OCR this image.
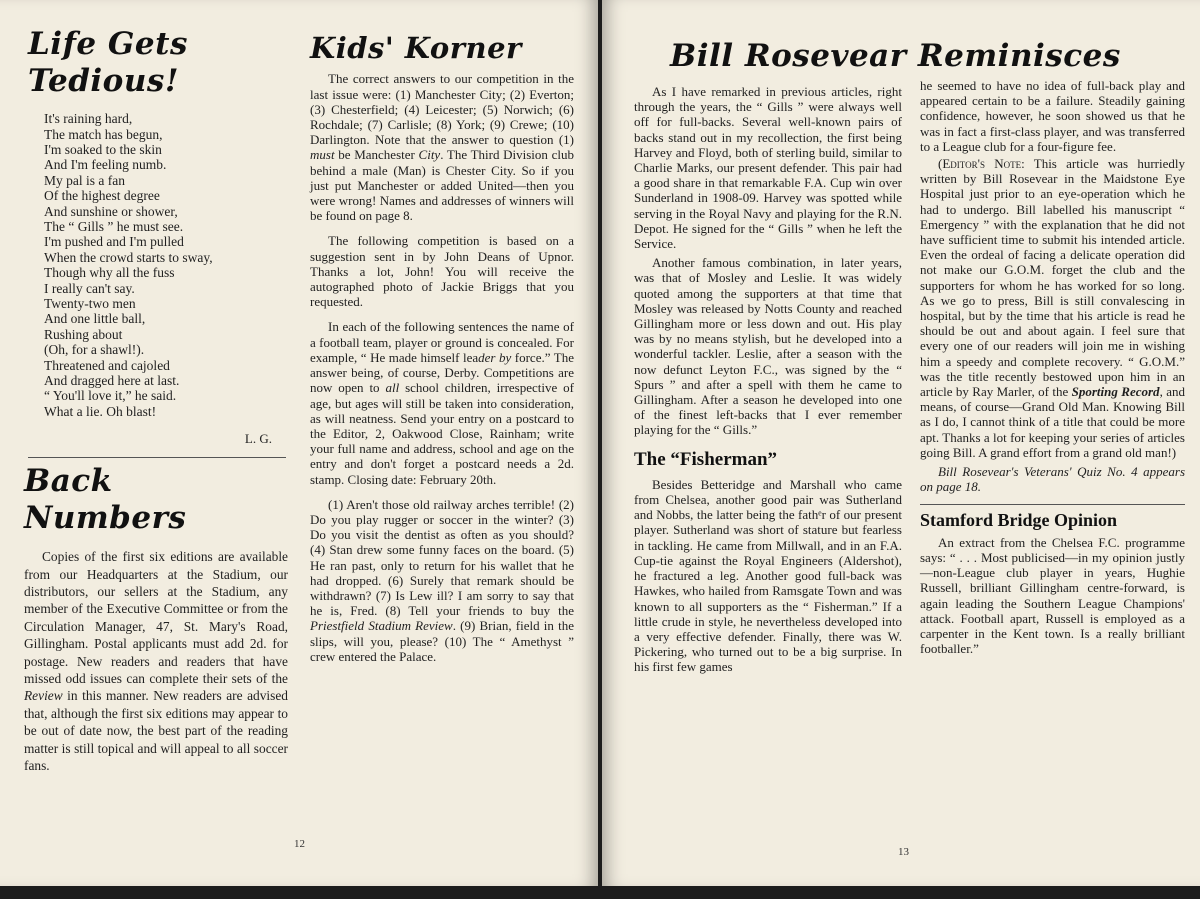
Life Gets
Tedious!
It's raining hard,
The match has begun,
I'm soaked to the skin
And I'm feeling numb.
My pal is a fan
Of the highest degree
And sunshine or shower,
The “ Gills ” he must see.
I'm pushed and I'm pulled
When the crowd starts to sway,
Though why all the fuss
I really can't say.
Twenty-two men
And one little ball,
Rushing about
(Oh, for a shawl!).
Threatened and cajoled
And dragged here at last.
“ You'll love it,” he said.
What a lie. Oh blast!
L. G.
Back
Numbers

Copies of the first six editions are available from our Headquarters at the Stadium, our distributors, our sellers at the Stadium, any member of the Executive Committee or from the Circulation Manager, 47, St. Mary's Road, Gillingham. Postal applicants must add 2d. for postage. New readers and readers that have missed odd issues can complete their sets of the Review in this manner. New readers are advised that, although the first six editions may appear to be out of date now, the best part of the reading matter is still topical and will appeal to all soccer fans.

Kids' Korner

The correct answers to our competition in the last issue were: (1) Manchester City; (2) Everton; (3) Chesterfield; (4) Leicester; (5) Norwich; (6) Rochdale; (7) Carlisle; (8) York; (9) Crewe; (10) Darlington. Note that the answer to question (1) must be Manchester City. The Third Division club behind a male (Man) is Chester City. So if you just put Manchester or added United—then you were wrong! Names and addresses of winners will be found on page 8.

The following competition is based on a suggestion sent in by John Deans of Upnor. Thanks a lot, John! You will receive the autographed photo of Jackie Briggs that you requested.

In each of the following sentences the name of a football team, player or ground is concealed. For example, “ He made himself leader by force.” The answer being, of course, Derby. Competitions are now open to all school children, irrespective of age, but ages will still be taken into consideration, as will neatness. Send your entry on a postcard to the Editor, 2, Oakwood Close, Rainham; write your full name and address, school and age on the entry and don't forget a postcard needs a 2d. stamp. Closing date: February 20th.

(1) Aren't those old railway arches terrible! (2) Do you play rugger or soccer in the winter? (3) Do you visit the dentist as often as you should? (4) Stan drew some funny faces on the board. (5) He ran past, only to return for his wallet that he had dropped. (6) Surely that remark should be withdrawn? (7) Is Lew ill? I am sorry to say that he is, Fred. (8) Tell your friends to buy the Priestfield Stadium Review. (9) Brian, field in the slips, will you, please? (10) The “ Amethyst ” crew entered the Palace.

12
Bill Rosevear Reminisces

As I have remarked in previous articles, right through the years, the “ Gills ” were always well off for full-backs. Several well-known pairs of backs stand out in my recollection, the first being Harvey and Floyd, both of sterling build, similar to Charlie Marks, our present defender. This pair had a good share in that remarkable F.A. Cup win over Sunderland in 1908-09. Harvey was spotted while serving in the Royal Navy and playing for the R.N. Depot. He signed for the “ Gills ” when he left the Service.

Another famous combination, in later years, was that of Mosley and Leslie. It was widely quoted among the supporters at that time that Mosley was released by Notts County and reached Gillingham more or less down and out. His play was by no means stylish, but he developed into a wonderful tackler. Leslie, after a season with the now defunct Leyton F.C., was signed by the “ Spurs ” and after a spell with them he came to Gillingham. After a season he developed into one of the finest left-backs that I ever remember playing for the “ Gills.”

The “Fisherman”

Besides Betteridge and Marshall who came from Chelsea, another good pair was Sutherland and Nobbs, the latter being the fathᵉr of our present player. Sutherland was short of stature but fearless in tackling. He came from Millwall, and in an F.A. Cup-tie against the Royal Engineers (Aldershot), he fractured a leg. Another good full-back was Hawkes, who hailed from Ramsgate Town and was known to all supporters as the “ Fisherman.” If a little crude in style, he nevertheless developed into a very effective defender. Finally, there was W. Pickering, who turned out to be a big surprise. In his first few games

he seemed to have no idea of full-back play and appeared certain to be a failure. Steadily gaining confidence, however, he soon showed us that he was in fact a first-class player, and was transferred to a League club for a four-figure fee.

(Editor's Note: This article was hurriedly written by Bill Rosevear in the Maidstone Eye Hospital just prior to an eye-operation which he had to undergo. Bill labelled his manuscript “ Emergency ” with the explanation that he did not have sufficient time to submit his intended article. Even the ordeal of facing a delicate operation did not make our G.O.M. forget the club and the supporters for whom he has worked for so long. As we go to press, Bill is still convalescing in hospital, but by the time that his article is read he should be out and about again. I feel sure that every one of our readers will join me in wishing him a speedy and complete recovery. “ G.O.M.” was the title recently bestowed upon him in an article by Ray Marler, of the Sporting Record, and means, of course—Grand Old Man. Knowing Bill as I do, I cannot think of a title that could be more apt. Thanks a lot for keeping your series of articles going Bill. A grand effort from a grand old man!)

Bill Rosevear's Veterans' Quiz No. 4 appears on page 18.

Stamford Bridge Opinion

An extract from the Chelsea F.C. programme says: “ . . . Most publicised—in my opinion justly—non-League club player in years, Hughie Russell, brilliant Gillingham centre-forward, is again leading the Southern League Champions' attack. Football apart, Russell is employed as a carpenter in the Kent town. Is a really brilliant footballer.”

13
